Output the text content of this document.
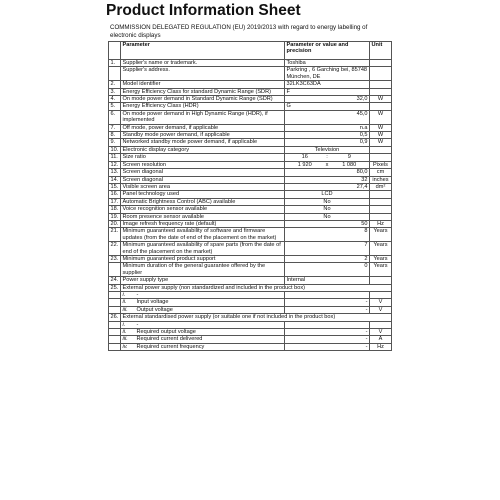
Product Information Sheet
COMMISSION DELEGATED REGULATION (EU) 2019/2013 with regard to energy labelling of electronic displays
	Parameter	Parameter or value and precision	Unit
1.	Supplier's name or trademark.	Toshiba	
	Supplier's address.	Parkring , 6 Garching bei, 85748 München, DE	
2.	Model identifier	32LK3C63DA	
3.	Energy Efficiency Class for standard Dynamic Range (SDR)	F	
4.	On mode power demand in Standard Dynamic Range (SDR)	32,0	W
5.	Energy Efficiency Class (HDR)	G	
6.	On mode power demand in High Dynamic Range (HDR), if implemented	45,0	W
7.	Off mode, power demand, if applicable	n.a	W
8.	Standby mode power demand, if applicable	0,5	W
9.	Networked standby mode power demand, if applicable	0,9	W
10.	Electronic display category	Television	
11.	Size ratio	16 : 9	

12.	Screen resolution	1 920 x 1 080	Pixels
13.	Screen diagonal	80,0	cm
14.	Screen diagonal	32	inches
15.	Visible screen area	27,4	dm²
16.	Panel technology used	LCD	
17.	Automatic Brightness Control (ABC) available	No	
18.	Voice recognition sensor available	No	
19.	Room presence sensor available	No	
20.	Image refresh frequency rate (default)	50	Hz
21.	Minimum guaranteed availability of software and firmware updates (from the date of end of the placement on the market)	8	Years
22.	Minimum guaranteed availability of spare parts (from the date of end of the placement on the market)	7	Years
23.	Minimum guaranteed product support	2	Years
	Minimum duration of the general guarantee offered by the supplier	0	Years
24.	Power supply type	Internal	
25.	External power supply (non standardized and included in the product box)		
	i. -		
	ii. Input voltage	-	V
	iii. Output voltage	-	V
26.	External standardised power supply (or suitable one if not included in the product box)		
	i. -		
	ii. Required output voltage	-	V
	iii. Required current delivered	-	A
	iv. Required current frequency	-	Hz
